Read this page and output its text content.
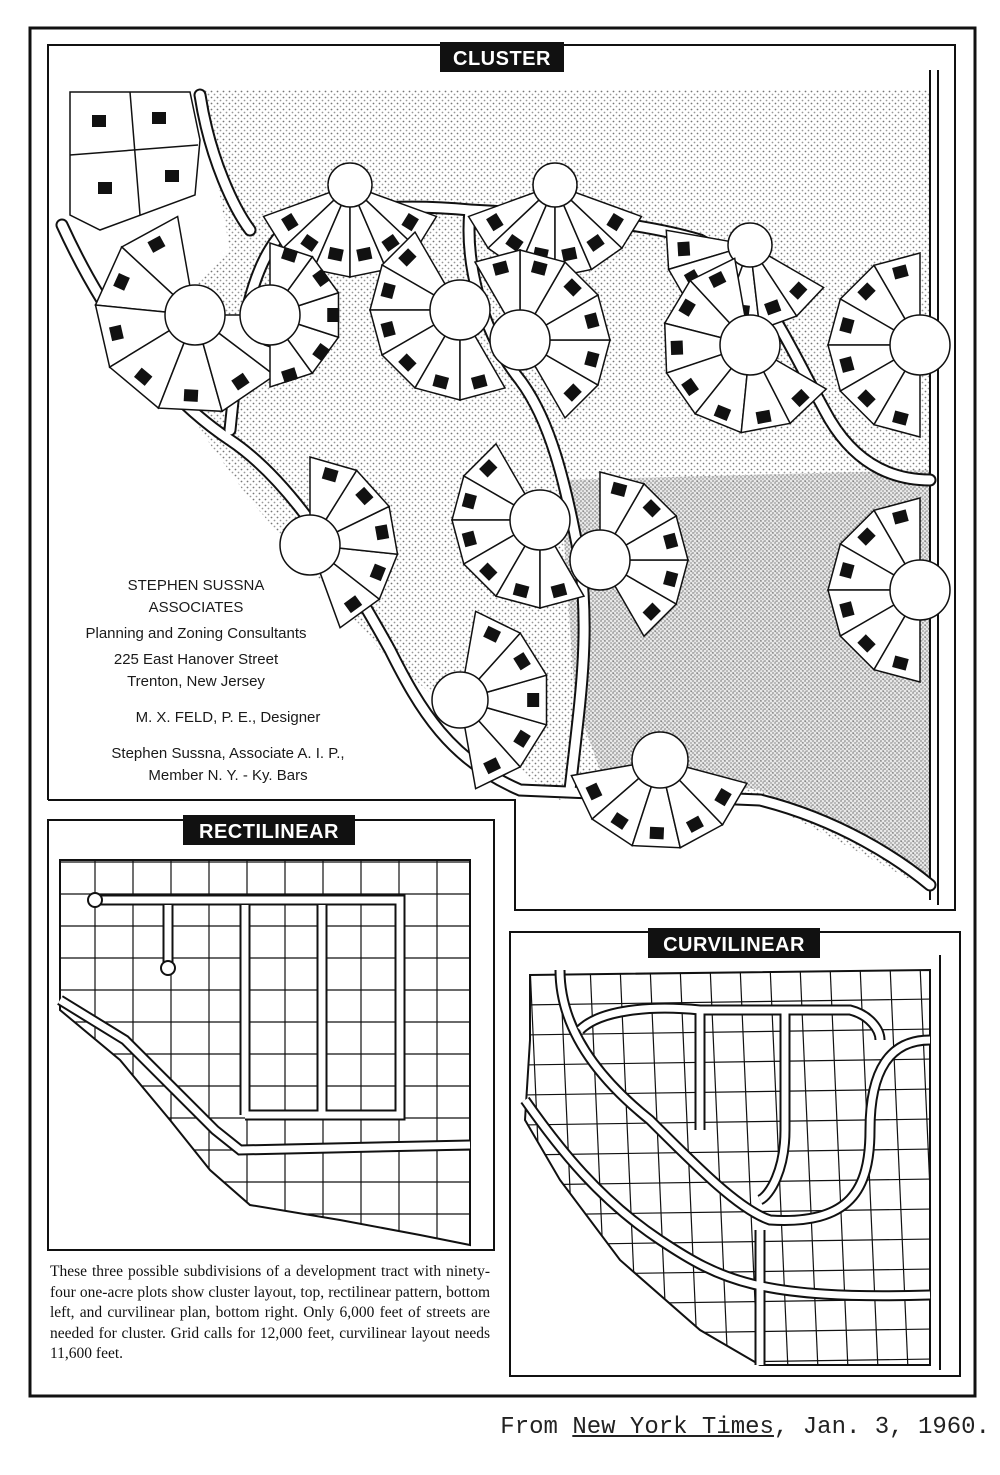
STEPHEN SUSSNA
ASSOCIATES
Planning and Zoning Consultants
225 East Hanover Street
Trenton, New Jersey
M. X. FELD, P. E., Designer
Stephen Sussna, Associate A. I. P.,
Member N. Y. - Ky. Bars
CLUSTER
RECTILINEAR
CURVILINEAR

These three possible subdivisions of a development tract with ninety-four one-acre plots show cluster layout, top, rectilinear pattern, bottom left, and curvilinear plan, bottom right. Only 6,000 feet of streets are needed for cluster. Grid calls for 12,000 feet, curvilinear layout needs 11,600 feet.

From New York Times, Jan. 3, 1960.
